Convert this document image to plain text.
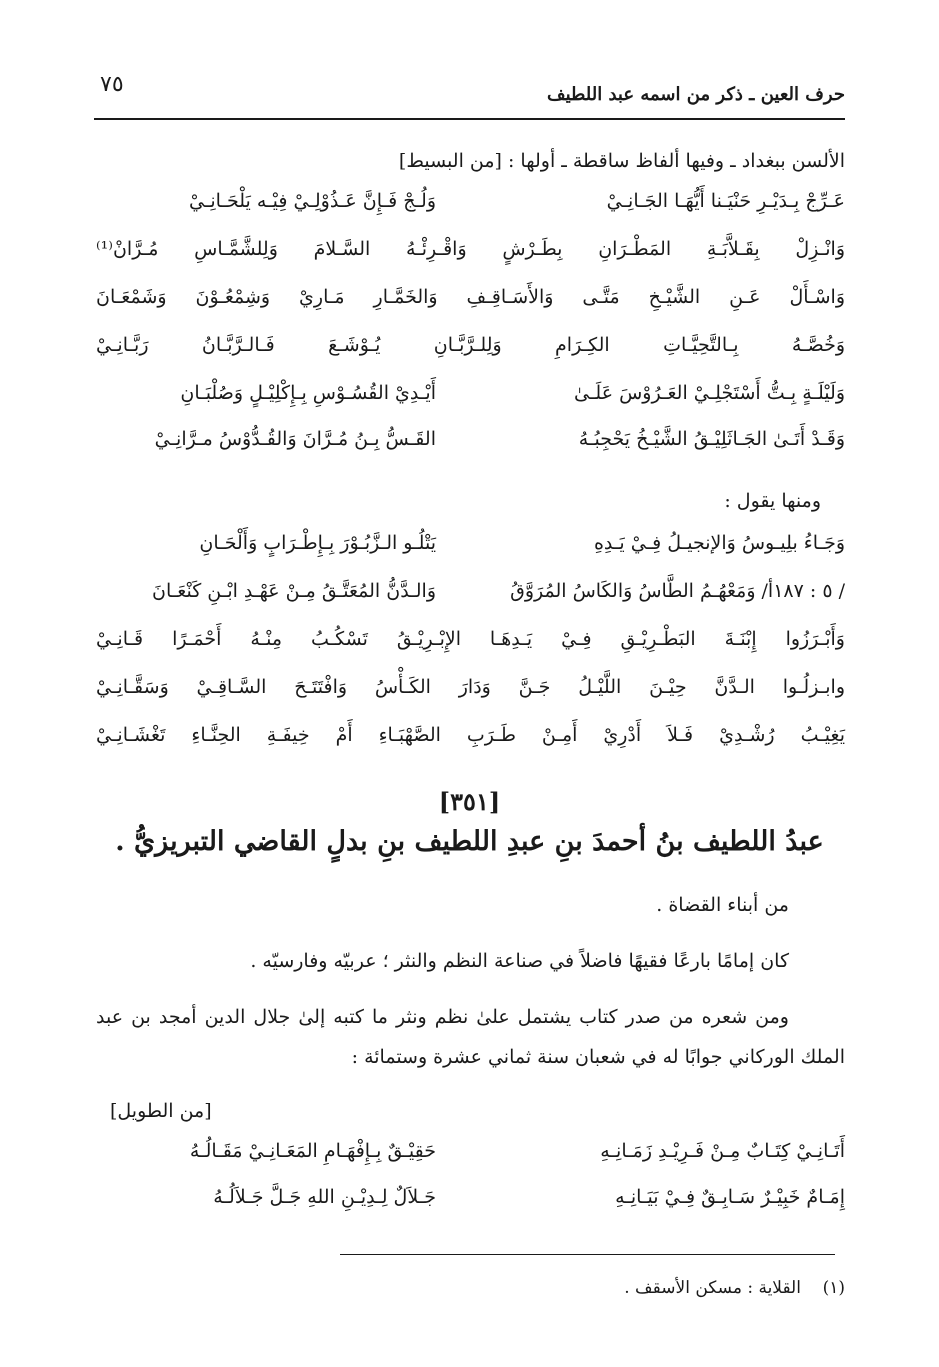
٧٥	حرف العين ـ ذكر من اسمه عبد اللطيف
الألسن ببغداد ـ وفيها ألفاظ ساقطة ـ أولها : [من البسيط]
عَـرِّجْ بِـدَيْـرِ حَنْيَـنا أَيُّهَـا الجَـانِـيْ
وَلُـجْ فَـإِنَّ عَـذُوْلِـيْ فِيْـه يَلْحَـانِـيْ
وَانْـزِلْ بِقَـلاَّبَـةِ المَطْـرَانِ بِطَـرْشٍ وَاقْـرِئْـهُ السَّـلامَ وَلِلشَّمَّـاسِ مُـرَّانْ⁽¹⁾
وَاسْـأَلْ عَـنِ الشَّيْـخِ مَتَّـى وَالأَسَـاقِـفِ وَالخَمَّـارِ مَـارِيْ وَشِمْعُـوْنَ وَشَمْعَـانَ
وَخُصَّـهُ بِـالتَّحِيَّـاتِ الكِـرَامِ وَلِلـرَّبَّـانِ يُـوْشَـعَ فَـالـرَّبَّـانُ رَبَّـانِـيْ
وَلَيْلَـةٍ بِـتُّ أَسْتَجْلِـيْ العَـرُوْسَ عَلَـىٰ
أَيْـدِيْ القُسُـوْسِ بِـإِكْلِيْـلٍ وَصُلْبَـانِ
وَقَـدْ أَتَـىٰ الجَـاثَلِيْـقُ الشَّيْـخُ يَحْجِبُـهُ
القَـسُّ بِـنُ مُـرَّانَ وَالقُـدُّوْسُ مـرَّانِـيْ
ومنها يقول :
وَجَـاءُ بلِيـوسُ وَالإنجيـلُ فِـيْ يَـدِهِ
يَتْلُـو الـزَّبُـوْرَ بِـإِطْـرَابٍ وَأَلْحَـانِ
وَالـدَّنُّ المُعَتَّـقُ مِـنْ عَهْـدِ ابْـنِ كَنْعَـانَ	/ ٥ : ١٨٧أ/ وَمَعْهُـمُ الطَّاسُ وَالكَاسُ المُرَوَّقُ
وَأَبْـرَزُوا إِبْنَـةَ البَطْـرِيْـقِ فِـيْ يَـدِهَـا الإِبْـرِيْـقُ تَسْكُـبُ مِنْـهُ أَحْمَـرًا قَـانِـيْ
وابـزلُـوا الـدَّنَّ حِيْـنَ اللَّيْـلُ جَـنَّ وَدَارَ الكَـأْسُ وَافْتَتَـحَ السَّـاقِـيْ وَسَقَّـانِـيْ
يَغِيْـبُ رُشْـدِيْ فَـلاَ أَدْرِيْ أَمِـنْ طَـرَبِ الصَّهْبَـاءِ أَمْ خِيفَـةِ الحِنَّـاءِ تَغْشَـانِـيْ
[٣٥١]
عبدُ اللطيف بنُ أحمدَ بنِ عبدِ اللطيف بنِ بدلٍ القاضي التبريزيُّ .
من أبناء القضاة .
كان إمامًا بارعًا فقيهًا فاضلاً في صناعة النظم والنثر ؛ عربيّه وفارسيّه .
ومن شعره من صدر كتاب يشتمل علىٰ نظم ونثر ما كتبه إلىٰ جلال الدين أمجد بن عبد
الملك الوركاني جوابًا له في شعبان سنة ثماني عشرة وستمائة :
[من الطويل]
أَتَـانِـيْ كِتَـابٌ مِـنْ فَـرِيْـدِ زَمَـانِـهِ
حَقِيْـقٌ بِـإِفْهَـامِ المَعَـانِـيْ مَقَـالُـهُ
إِمَـامٌ خَبِيْـرٌ سَـابِـقٌ فِـيْ بَيَـانِـهِ
جَـلاَلٌ لِـدِيْـنِ اللهِ جَـلَّ جَـلاَلُـهُ
(١)    القلاية : مسكن الأسقف .
